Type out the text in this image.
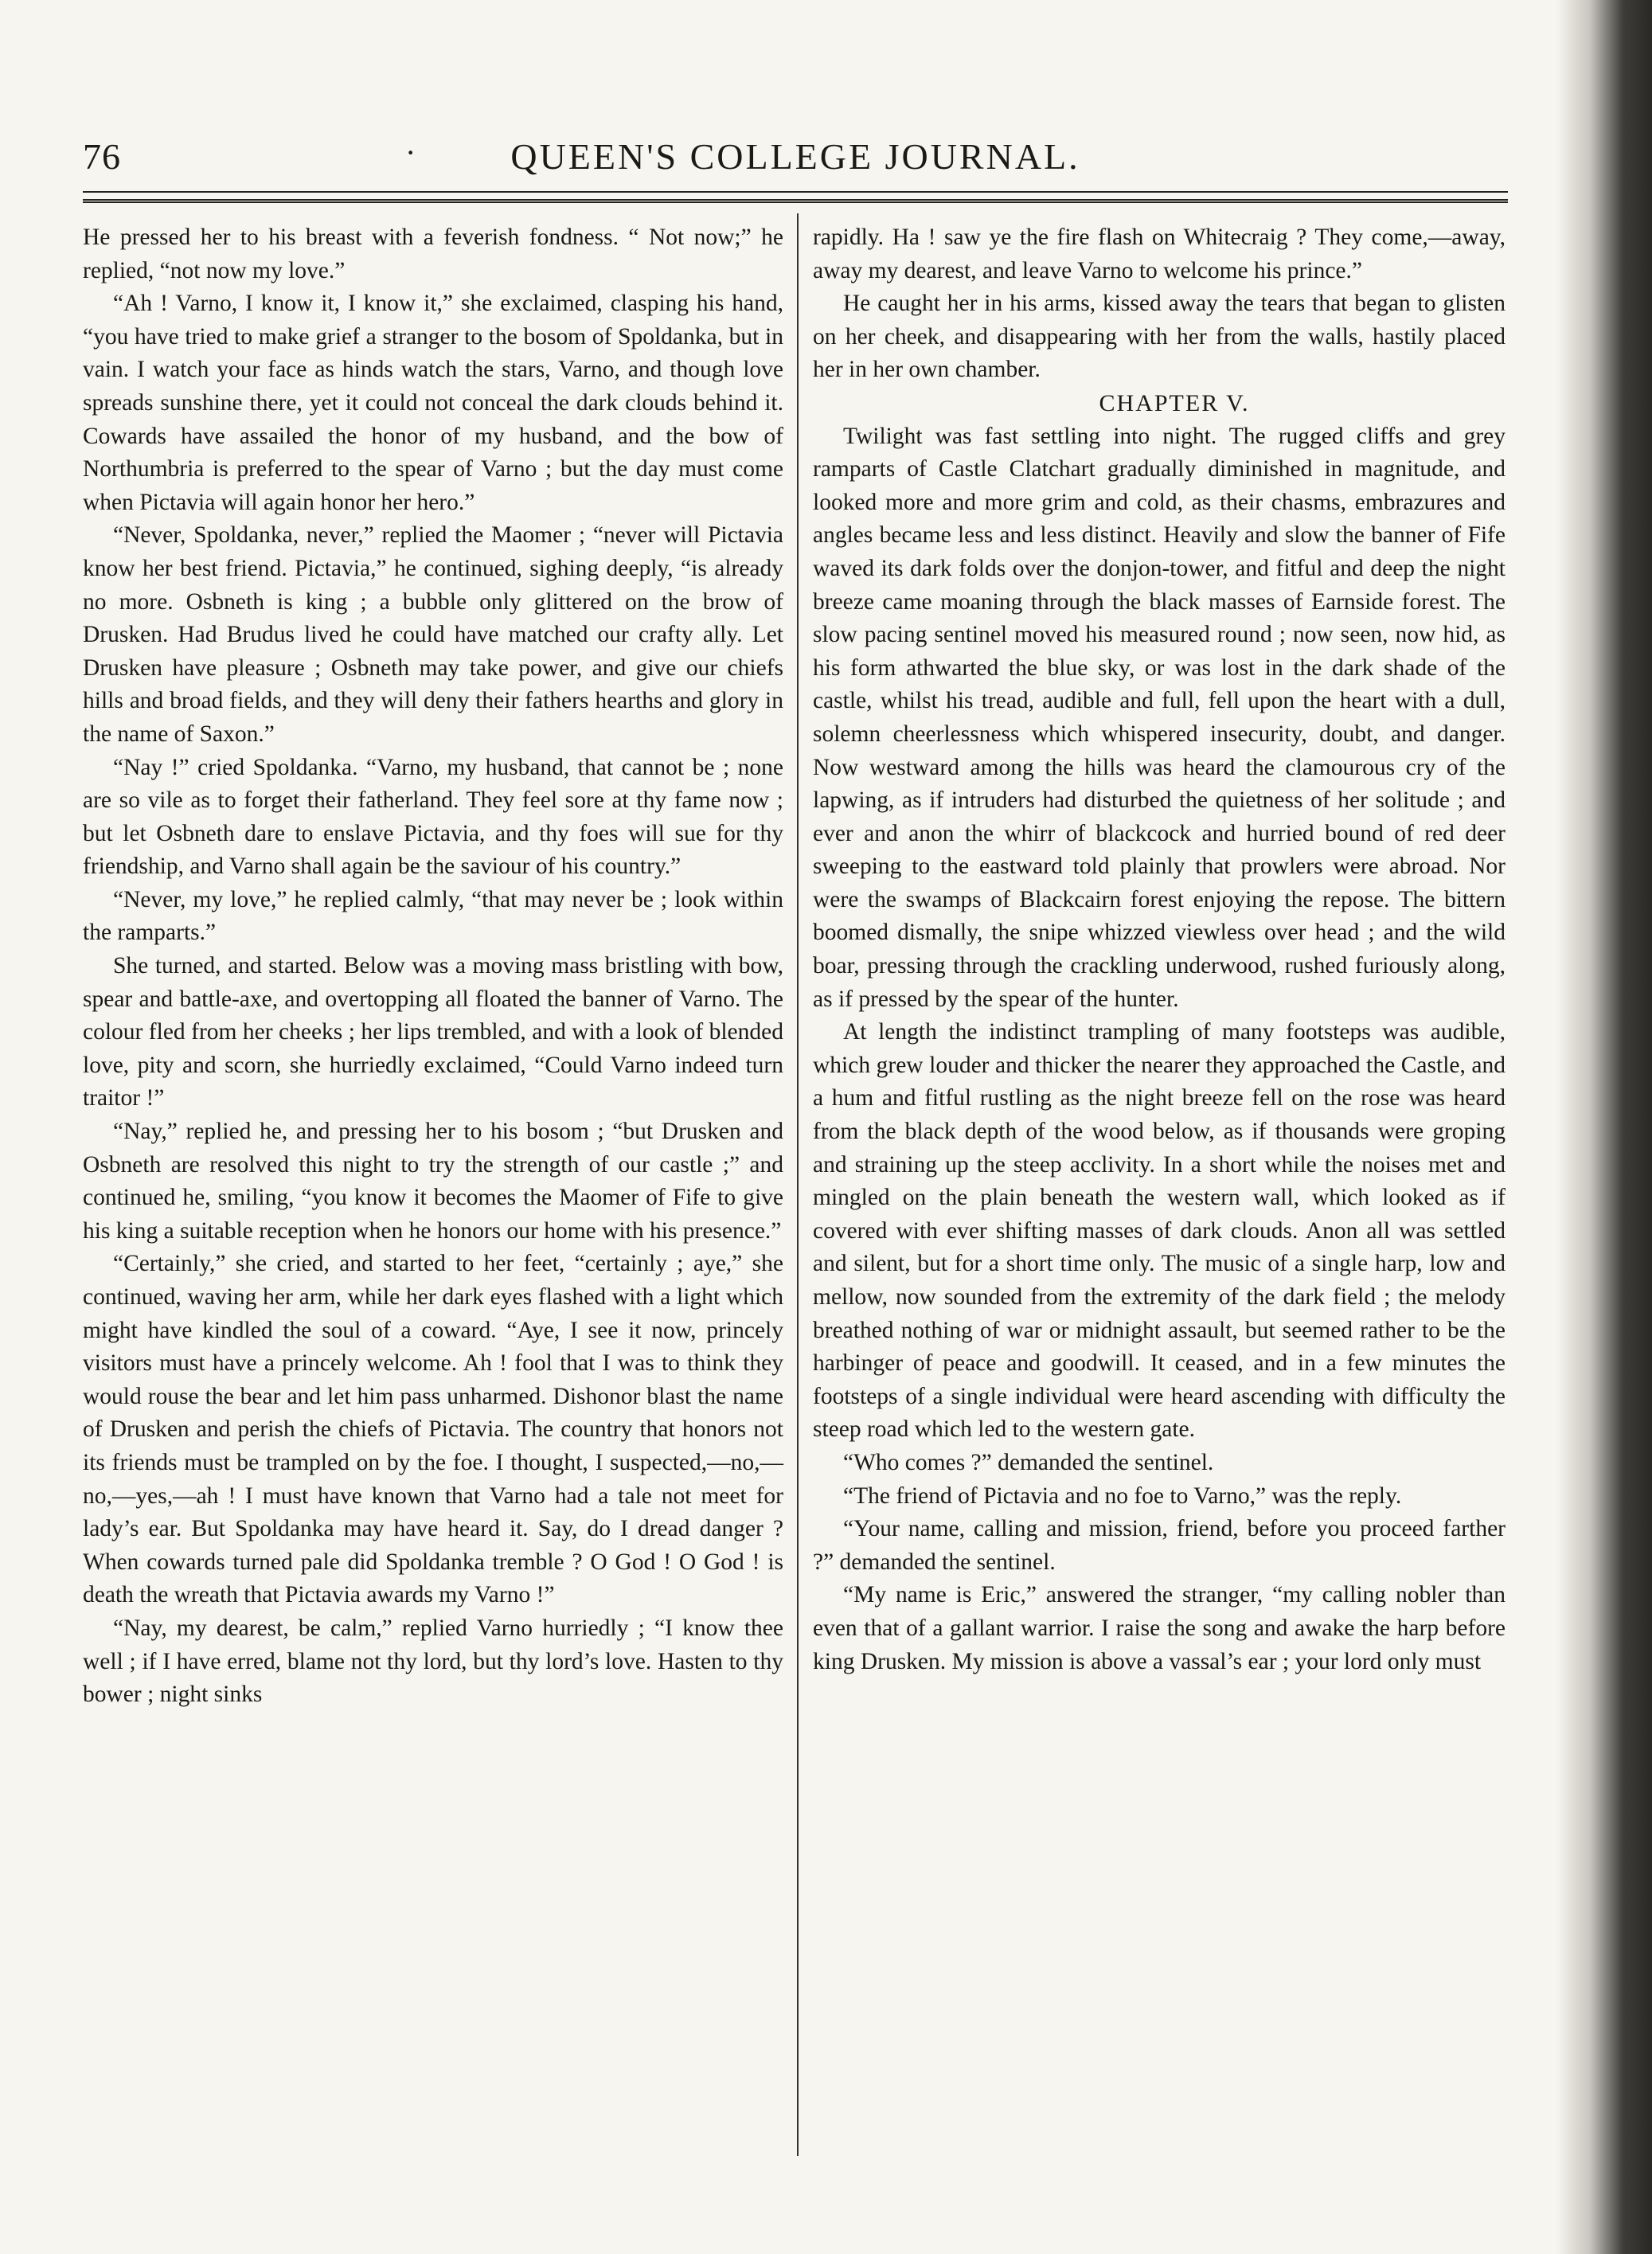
76	·	QUEEN'S COLLEGE JOURNAL.

He pressed her to his breast with a feverish fondness. “ Not now;” he replied, “not now my love.”

“Ah ! Varno, I know it, I know it,” she exclaimed, clasping his hand, “you have tried to make grief a stranger to the bosom of Spoldanka, but in vain. I watch your face as hinds watch the stars, Varno, and though love spreads sunshine there, yet it could not conceal the dark clouds behind it. Cowards have assailed the honor of my husband, and the bow of Northumbria is preferred to the spear of Varno ; but the day must come when Pictavia will again honor her hero.”

“Never, Spoldanka, never,” replied the Maomer ; “never will Pictavia know her best friend. Pictavia,” he continued, sighing deeply, “is already no more. Osbneth is king ; a bubble only glittered on the brow of Drusken. Had Brudus lived he could have matched our crafty ally. Let Drusken have pleasure ; Osbneth may take power, and give our chiefs hills and broad fields, and they will deny their fathers hearths and glory in the name of Saxon.”

“Nay !” cried Spoldanka. “Varno, my husband, that cannot be ; none are so vile as to forget their fatherland. They feel sore at thy fame now ; but let Osbneth dare to enslave Pictavia, and thy foes will sue for thy friendship, and Varno shall again be the saviour of his country.”

“Never, my love,” he replied calmly, “that may never be ; look within the ramparts.”

She turned, and started. Below was a moving mass bristling with bow, spear and battle-axe, and overtopping all floated the banner of Varno. The colour fled from her cheeks ; her lips trembled, and with a look of blended love, pity and scorn, she hurriedly exclaimed, “Could Varno indeed turn traitor !”

“Nay,” replied he, and pressing her to his bosom ; “but Drusken and Osbneth are resolved this night to try the strength of our castle ;” and continued he, smiling, “you know it becomes the Maomer of Fife to give his king a suitable reception when he honors our home with his presence.”

“Certainly,” she cried, and started to her feet, “certainly ; aye,” she continued, waving her arm, while her dark eyes flashed with a light which might have kindled the soul of a coward. “Aye, I see it now, princely visitors must have a princely welcome. Ah ! fool that I was to think they would rouse the bear and let him pass unharmed. Dishonor blast the name of Drusken and perish the chiefs of Pictavia. The country that honors not its friends must be trampled on by the foe. I thought, I suspected,—no,—no,—yes,—ah ! I must have known that Varno had a tale not meet for lady’s ear. But Spoldanka may have heard it. Say, do I dread danger ? When cowards turned pale did Spoldanka tremble ? O God ! O God ! is death the wreath that Pictavia awards my Varno !”

“Nay, my dearest, be calm,” replied Varno hurriedly ; “I know thee well ; if I have erred, blame not thy lord, but thy lord’s love. Hasten to thy bower ; night sinks

rapidly. Ha ! saw ye the fire flash on Whitecraig ? They come,—away, away my dearest, and leave Varno to welcome his prince.”

He caught her in his arms, kissed away the tears that began to glisten on her cheek, and disappearing with her from the walls, hastily placed her in her own chamber.

CHAPTER V.

Twilight was fast settling into night. The rugged cliffs and grey ramparts of Castle Clatchart gradually diminished in magnitude, and looked more and more grim and cold, as their chasms, embrazures and angles became less and less distinct. Heavily and slow the banner of Fife waved its dark folds over the donjon-tower, and fitful and deep the night breeze came moaning through the black masses of Earnside forest. The slow pacing sentinel moved his measured round ; now seen, now hid, as his form athwarted the blue sky, or was lost in the dark shade of the castle, whilst his tread, audible and full, fell upon the heart with a dull, solemn cheerlessness which whispered insecurity, doubt, and danger. Now westward among the hills was heard the clamourous cry of the lapwing, as if intruders had disturbed the quietness of her solitude ; and ever and anon the whirr of blackcock and hurried bound of red deer sweeping to the eastward told plainly that prowlers were abroad. Nor were the swamps of Blackcairn forest enjoying the repose. The bittern boomed dismally, the snipe whizzed viewless over head ; and the wild boar, pressing through the crackling underwood, rushed furiously along, as if pressed by the spear of the hunter.

At length the indistinct trampling of many footsteps was audible, which grew louder and thicker the nearer they approached the Castle, and a hum and fitful rustling as the night breeze fell on the rose was heard from the black depth of the wood below, as if thousands were groping and straining up the steep acclivity. In a short while the noises met and mingled on the plain beneath the western wall, which looked as if covered with ever shifting masses of dark clouds. Anon all was settled and silent, but for a short time only. The music of a single harp, low and mellow, now sounded from the extremity of the dark field ; the melody breathed nothing of war or midnight assault, but seemed rather to be the harbinger of peace and goodwill. It ceased, and in a few minutes the footsteps of a single individual were heard ascending with difficulty the steep road which led to the western gate.

“Who comes ?” demanded the sentinel.

“The friend of Pictavia and no foe to Varno,” was the reply.

“Your name, calling and mission, friend, before you proceed farther ?” demanded the sentinel.

“My name is Eric,” answered the stranger, “my calling nobler than even that of a gallant warrior. I raise the song and awake the harp before king Drusken. My mission is above a vassal’s ear ; your lord only must
